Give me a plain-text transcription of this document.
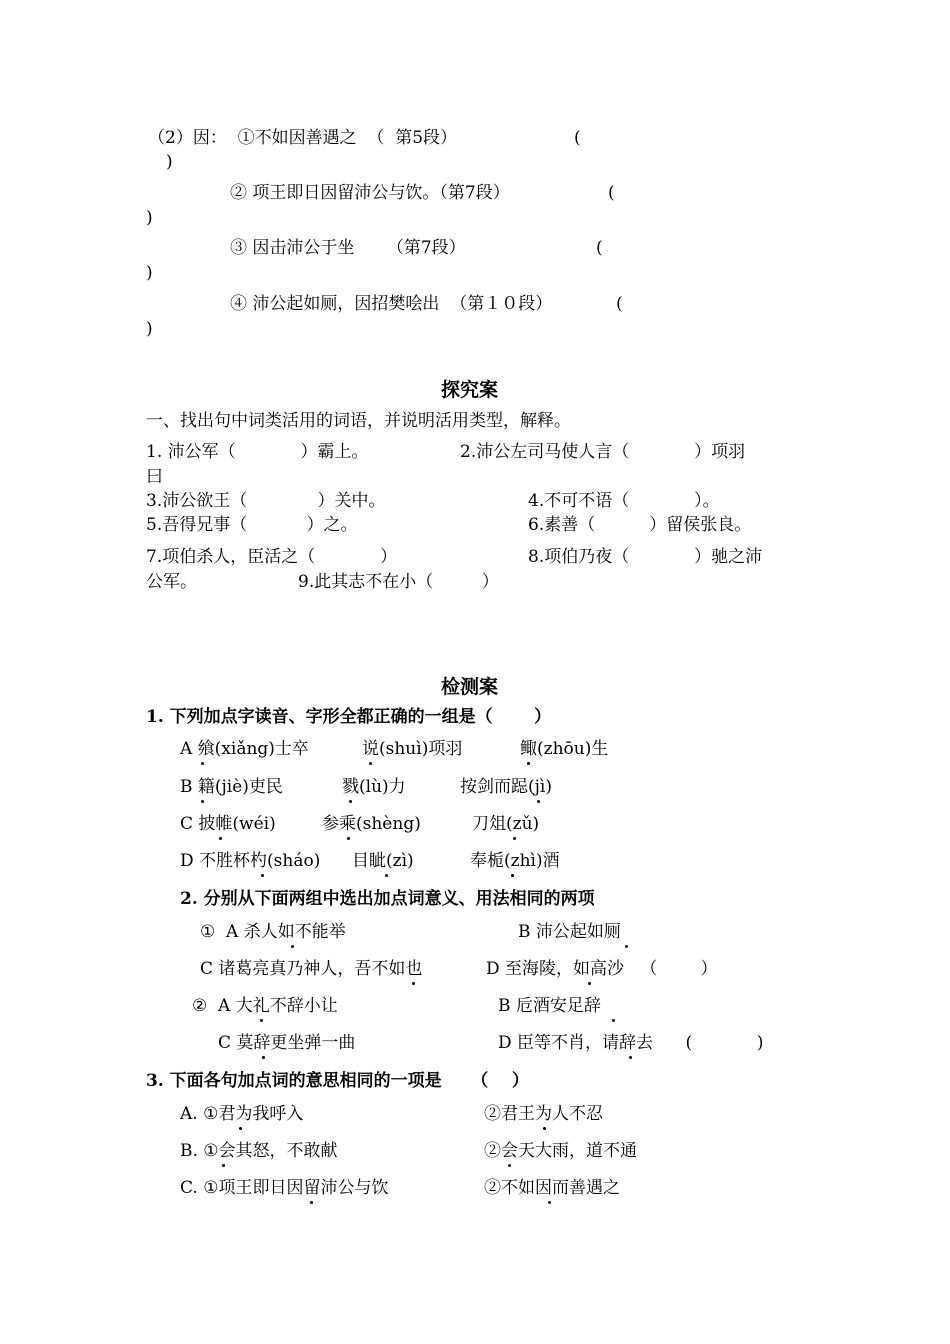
（2）因：  ①不如因善遇之  （  第5段）	(
)
② 项王即日因留沛公与饮。（第7段）	(
)
③ 因击沛公于坐      （第7段）	(
)
④ 沛公起如厕，因招樊哙出  （第１０段）	(
)
探究案
一、找出句中词类活用的词语，并说明活用类型，解释。
1. 沛公军（            ）霸上。	2.沛公左司马使人言（            ）项羽
曰
3.沛公欲王（             ）关中。	4.不可不语（            ）。
5.吾得兄事（           ）之。	6.素善（          ）留侯张良。
7.项伯杀人，臣活之（            ）	8.项伯乃夜（            ）驰之沛
公军。	9.此其志不在小（         ）
检测案
1. 下列加点字读音、字形全都正确的一组是（       ）
A 飨(xiǎng)士卒	说(shuì)项羽	鲰(zhōu)生
B 籍(jiè)吏民	戮(lù)力	按剑而跽(jì)
C 披帷(wéi)	参乘(shèng)	刀俎(zǔ)
D 不胜杯杓(sháo) 目眦(zì)	奉栀(zhì)酒
2. 分别从下面两组中选出加点词意义、用法相同的两项
①  A 杀人如不能举	B 沛公起如厕
C 诸葛亮真乃神人，吾不如也	D 至海陵，如高沙   （        ）
②  A 大礼不辞小让	B 卮酒安足辞
C 莫辞更坐弹一曲	D 臣等不肖，请辞去      (            )
3. 下面各句加点词的意思相同的一项是     （    ）
A. ①君为我呼入	②君王为人不忍
B. ①会其怒，不敢献	②会天大雨，道不通
C. ①项王即日因留沛公与饮	②不如因而善遇之
